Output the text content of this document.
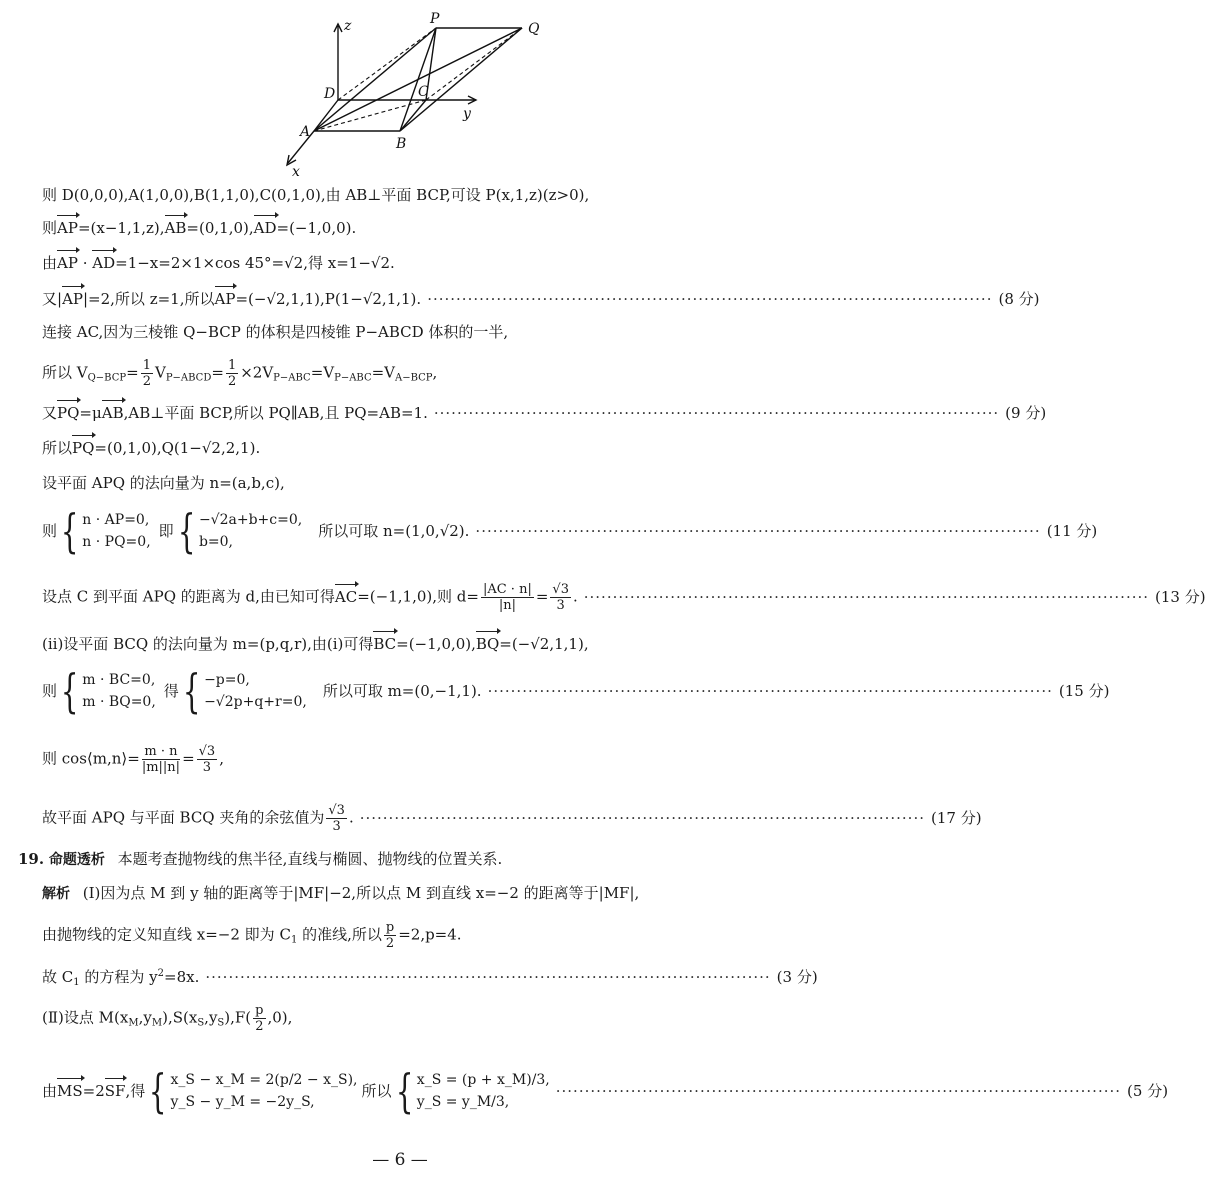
P
Q
D	C
A
B
z
y
x
则 D(0,0,0),A(1,0,0),B(1,1,0),C(0,1,0),由 AB⊥平面 BCP,可设 P(x,1,z)(z>0),
则AP=(x−1,1,z),AB=(0,1,0),AD=(−1,0,0).
由AP · AD=1−x=2×1×cos 45°=√2,得 x=1−√2.
又|AP|=2,所以 z=1,所以AP=(−√2,1,1),P(1−√2,1,1). ·································································································· (8 分)
连接 AC,因为三棱锥 Q−BCP 的体积是四棱锥 P−ABCD 体积的一半,
所以 $V_{Q-BCP}= \frac{1}{2} V_{P-ABCD}= \frac{1}{2} \times 2V_{P-ABC}=V_{P-ABC}=V_{A-BCP}$,
又PQ=μAB,AB⊥平面 BCP,所以 PQ∥AB,且 PQ=AB=1. ·································································································· (9 分)
所以PQ=(0,1,0),Q(1−√2,2,1).
设平面 APQ 的法向量为 n=(a,b,c),
则 { n · AP=0,
n · PQ=0,
即 { −√2a+b+c=0,
b=0,
所以可取 n=(1,0,√2). ·································································································· (11 分)
设点 C 到平面 APQ 的距离为 d,由已知可得AC=(−1,1,0),则 $d= \frac{|AC \cdot n|}{|n|} = \frac{√3}{3}$ . ·································································································· (13 分)
(ⅱ)设平面 BCQ 的法向量为 m=(p,q,r),由(ⅰ)可得BC=(−1,0,0),BQ=(−√2,1,1),
则 { m · BC=0,
m · BQ=0,
得 { −p=0,
−√2p+q+r=0,
所以可取 m=(0,−1,1). ·································································································· (15 分)
则 cos⟨m,n⟩= $\frac{m \cdot n}{|m||n|} = \frac{√3}{3}$ ,
故平面 APQ 与平面 BCQ 夹角的余弦值为 $\frac{√3}{3}$ . ·································································································· (17 分)
19. 命题透析 本题考查抛物线的焦半径,直线与椭圆、抛物线的位置关系.
解析 (Ⅰ)因为点 M 到 y 轴的距离等于|MF|−2,所以点 M 到直线 x=−2 的距离等于|MF|,
由抛物线的定义知直线 x=−2 即为 $C_1$ 的准线,所以 $\frac{p}{2} =2,p=4$.
故 $C_1$ 的方程为 $y^2=8x$. ·································································································· (3 分)
(Ⅱ)设点 $M(x_M,y_M),S(x_S,y_S),F( \frac{p}{2} ,0)$,
由 MS =2 SF ,得 { x_S − x_M = 2(p/2 − x_S),
y_S − y_M = −2y_S,
所以 { x_S = (p + x_M)/3,
y_S = y_M/3,
·································································································· (5 分)
— 6 —
